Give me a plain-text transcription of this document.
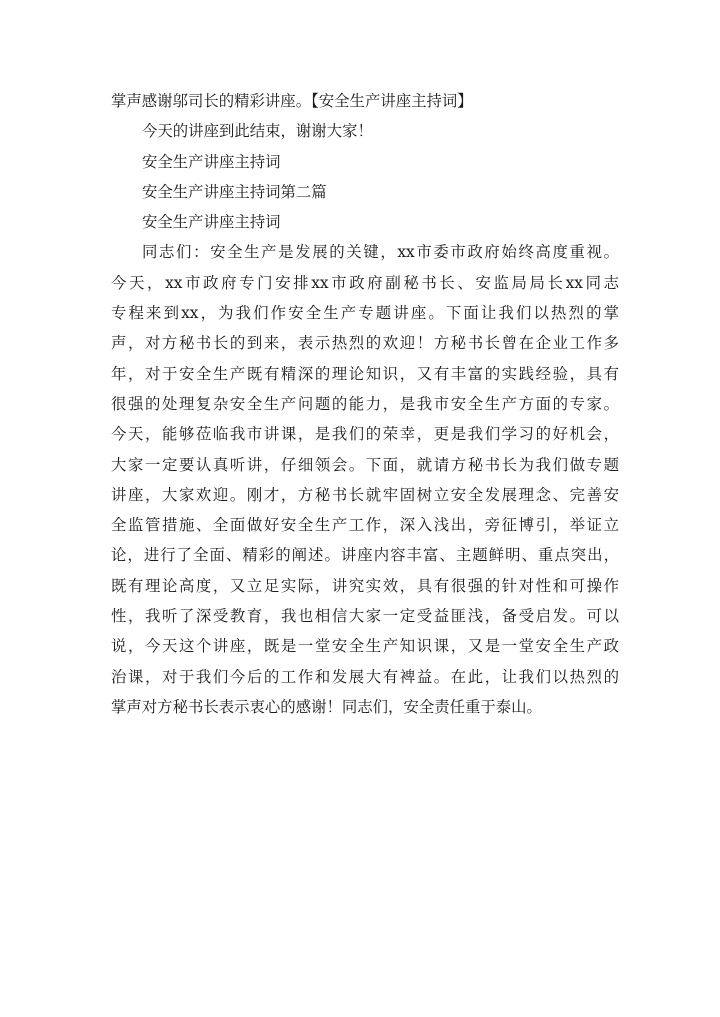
掌声感谢邬司长的精彩讲座。【安全生产讲座主持词】
今天的讲座到此结束，谢谢大家！
安全生产讲座主持词
安全生产讲座主持词第二篇
安全生产讲座主持词
同志们：安全生产是发展的关键，xx市委市政府始终高度重视。
今天，xx市政府专门安排xx市政府副秘书长、安监局局长xx同志
专程来到xx，为我们作安全生产专题讲座。下面让我们以热烈的掌
声，对方秘书长的到来，表示热烈的欢迎！方秘书长曾在企业工作多
年，对于安全生产既有精深的理论知识，又有丰富的实践经验，具有
很强的处理复杂安全生产问题的能力，是我市安全生产方面的专家。
今天，能够莅临我市讲课，是我们的荣幸，更是我们学习的好机会，
大家一定要认真听讲，仔细领会。下面，就请方秘书长为我们做专题
讲座，大家欢迎。刚才，方秘书长就牢固树立安全发展理念、完善安
全监管措施、全面做好安全生产工作，深入浅出，旁征博引，举证立
论，进行了全面、精彩的阐述。讲座内容丰富、主题鲜明、重点突出，
既有理论高度，又立足实际，讲究实效，具有很强的针对性和可操作
性，我听了深受教育，我也相信大家一定受益匪浅，备受启发。可以
说，今天这个讲座，既是一堂安全生产知识课，又是一堂安全生产政
治课，对于我们今后的工作和发展大有裨益。在此，让我们以热烈的
掌声对方秘书长表示衷心的感谢！同志们，安全责任重于泰山。
